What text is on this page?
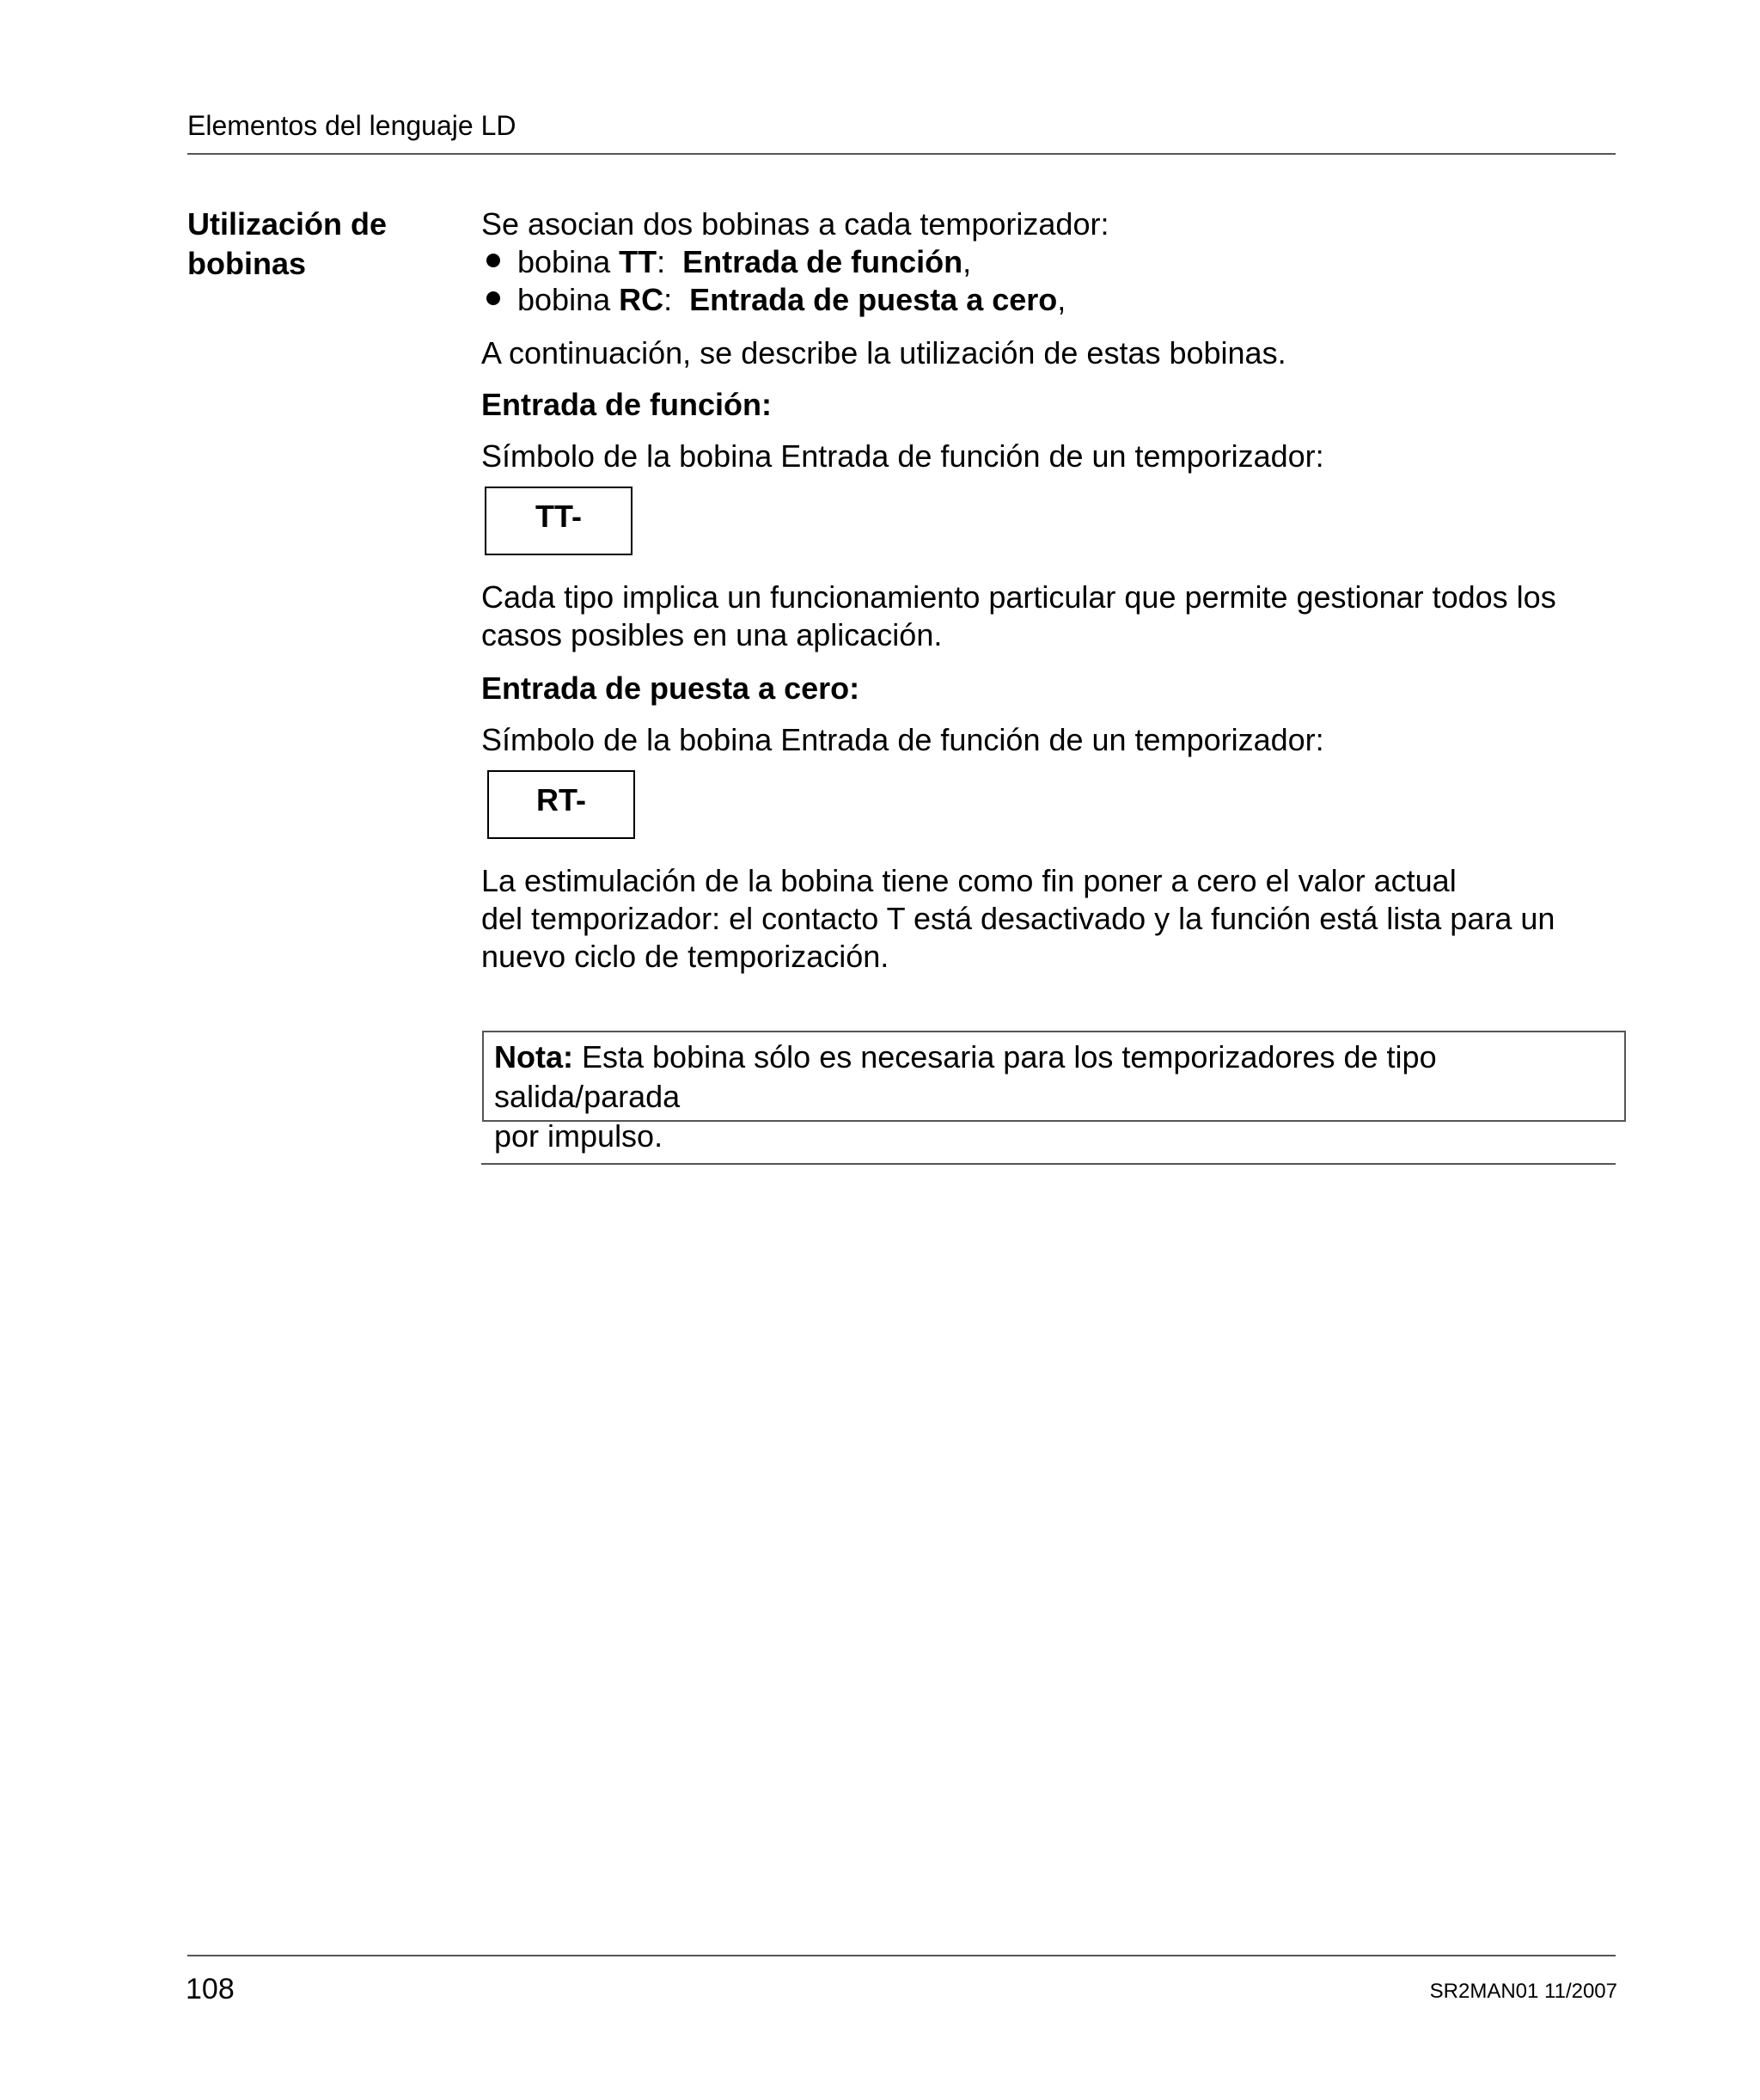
Elementos del lenguaje LD
Utilización de
bobinas
Se asocian dos bobinas a cada temporizador:
bobina TT:  Entrada de función,
bobina RC:  Entrada de puesta a cero,
A continuación, se describe la utilización de estas bobinas.
Entrada de función:
Símbolo de la bobina Entrada de función de un temporizador:
TT-
Cada tipo implica un funcionamiento particular que permite gestionar todos los
casos posibles en una aplicación.
Entrada de puesta a cero:
Símbolo de la bobina Entrada de función de un temporizador:
RT-
La estimulación de la bobina tiene como fin poner a cero el valor actual
del temporizador: el contacto T está desactivado y la función está lista para un
nuevo ciclo de temporización.
Nota: Esta bobina sólo es necesaria para los temporizadores de tipo salida/parada
por impulso.
108	SR2MAN01 11/2007
